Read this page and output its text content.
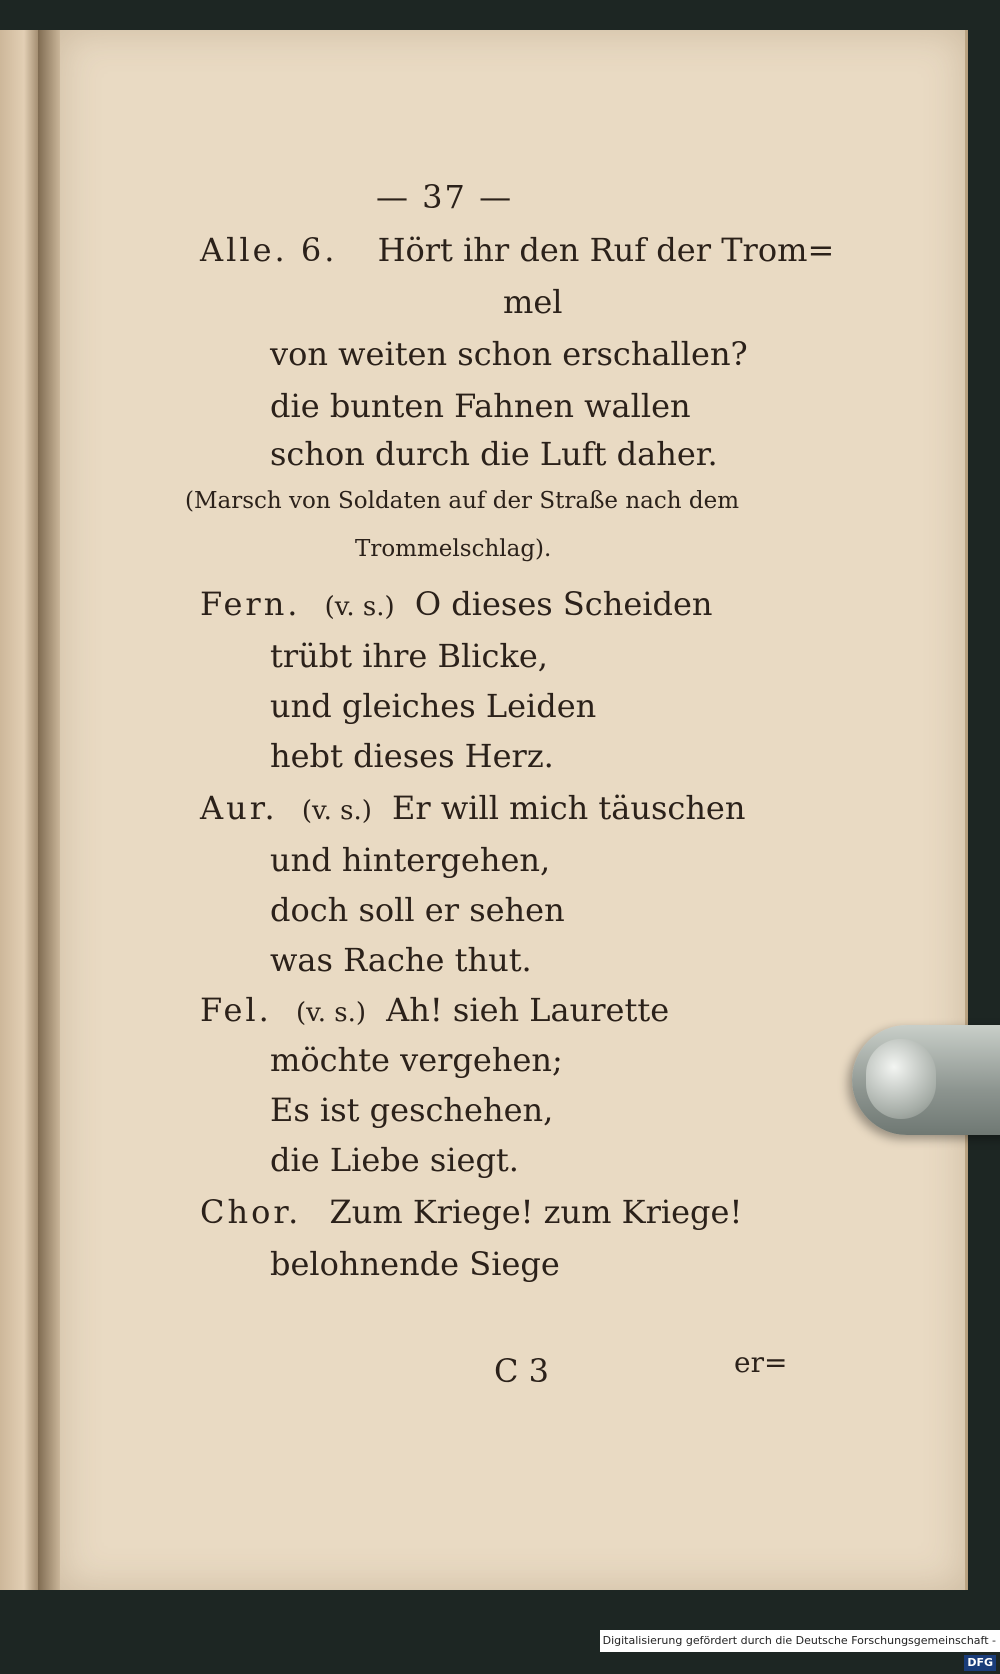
— 37 —
Alle. 6. Hört ihr den Ruf der Trom=
mel
von weiten schon erschallen?
die bunten Fahnen wallen
schon durch die Luft daher.
(Marsch von Soldaten auf der Straße nach dem
Trommelschlag).
Fern. (v. s.) O dieses Scheiden
trübt ihre Blicke,
und gleiches Leiden
hebt dieses Herz.
Aur. (v. s.) Er will mich täuschen
und hintergehen,
doch soll er sehen
was Rache thut.
Fel. (v. s.) Ah! sieh Laurette
möchte vergehen;
Es ist geschehen,
die Liebe siegt.
Chor. Zum Kriege! zum Kriege!
belohnende Siege
C 3	er=
Digitalisierung gefördert durch die Deutsche Forschungsgemeinschaft - DFG
